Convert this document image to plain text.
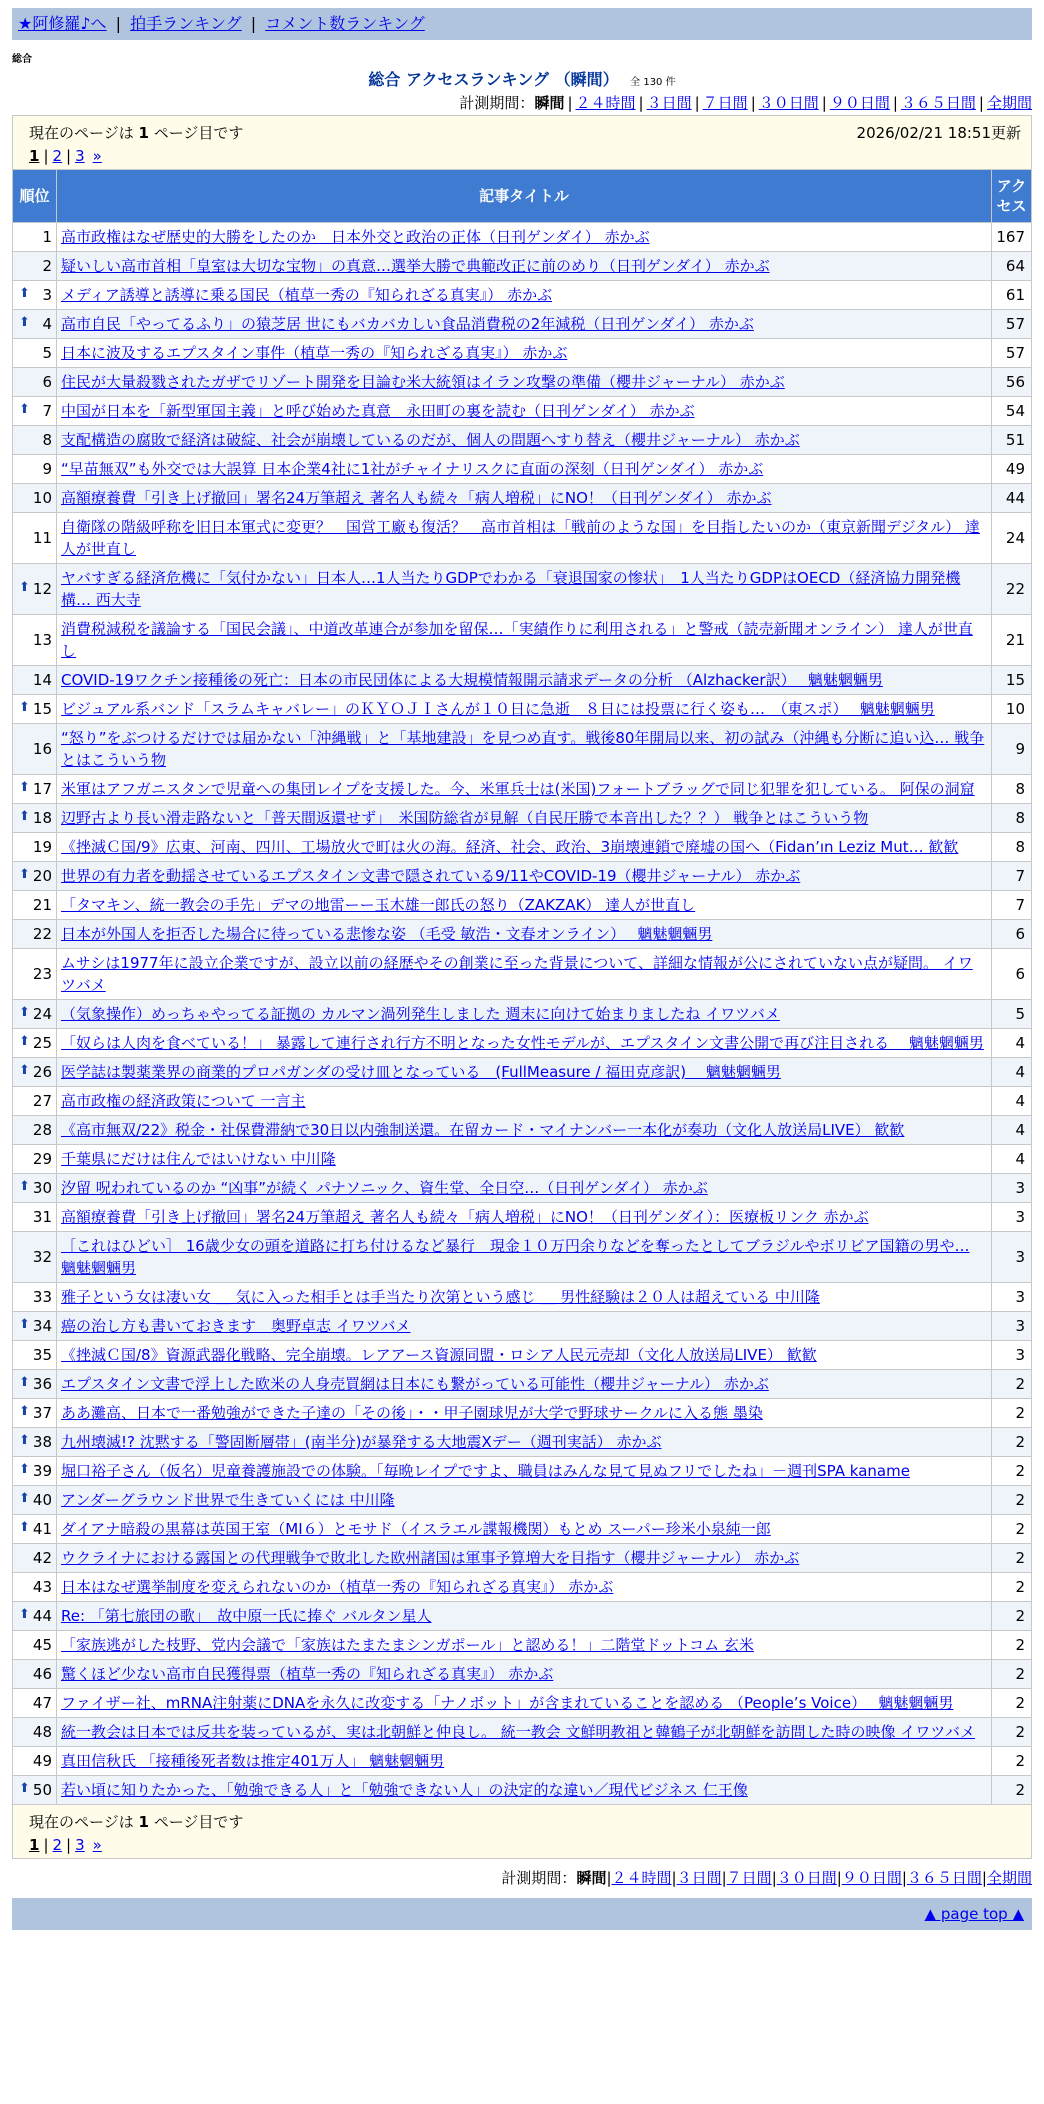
★阿修羅♪へ | 拍手ランキング | コメント数ランキング
総合
総合 アクセスランキング （瞬間） 全 130 件
計測期間：瞬間 | ２４時間 | ３日間 | ７日間 | ３０日間 | ９０日間 | ３６５日間 | 全期間
現在のページは 1 ページ目です 2026/02/21 18:51更新
1 | 2 | 3 »		

順位	記事タイトル	アクセス
1	高市政権はなぜ歴史的大勝をしたのか　日本外交と政治の正体（日刊ゲンダイ） 赤かぶ	167
2	疑いしい高市首相「皇室は大切な宝物」の真意…選挙大勝で典範改正に前のめり（日刊ゲンダイ） 赤かぶ	64

⬆ 3	メディア誘導と誘導に乗る国民（植草一秀の『知られざる真実』） 赤かぶ	61

⬆ 4	高市自民「やってるふり」の猿芝居 世にもバカバカしい食品消費税の2年減税（日刊ゲンダイ） 赤かぶ	57
5	日本に波及するエプスタイン事件（植草一秀の『知られざる真実』） 赤かぶ	57
6	住民が大量殺戮されたガザでリゾート開発を目論む米大統領はイラン攻撃の準備（櫻井ジャーナル） 赤かぶ	56

⬆ 7	中国が日本を「新型軍国主義」と呼び始めた真意　永田町の裏を読む（日刊ゲンダイ） 赤かぶ	54
8	支配構造の腐敗で経済は破綻、社会が崩壊しているのだが、個人の問題へすり替え（櫻井ジャーナル） 赤かぶ	51
9	“早苗無双”も外交では大誤算 日本企業4社に1社がチャイナリスクに直面の深刻（日刊ゲンダイ） 赤かぶ	49
10	高額療養費「引き上げ撤回」署名24万筆超え 著名人も続々「病人増税」にNO！（日刊ゲンダイ） 赤かぶ	44
11	自衛隊の階級呼称を旧日本軍式に変更？　国営工廠も復活？　高市首相は「戦前のような国」を目指したいのか（東京新聞デジタル） 達人が世直し	24

⬆ 12	ヤバすぎる経済危機に「気付かない」日本人…1人当たりGDPでわかる「衰退国家の惨状」　1人当たりGDPはOECD（経済協力開発機構… 西大寺	22
13	消費税減税を議論する「国民会議」、中道改革連合が参加を留保…「実績作りに利用される」と警戒（読売新聞オンライン） 達人が世直し	21
14	COVID-19ワクチン接種後の死亡：日本の市民団体による大規模情報開示請求データの分析 （Alzhacker訳）　 魑魅魍魎男	15

⬆ 15	ビジュアル系バンド「スラムキャバレー」のＫＹＯＪＩさんが１０日に急逝　８日には投票に行く姿も…　（東スポ）　 魑魅魍魎男	10
16	“怒り”をぶつけるだけでは届かない「沖縄戦」と「基地建設」を見つめ直す。戦後80年開局以来、初の試み（沖縄も分断に追い込… 戦争とはこういう物	9

⬆ 17	米軍はアフガニスタンで児童への集団レイプを支援した。今、米軍兵士は(米国)フォートブラッグで同じ犯罪を犯している。 阿保の洞窟	8

⬆ 18	辺野古より長い滑走路ないと「普天間返還せず」　米国防総省が見解（自民圧勝で本音出した？？） 戦争とはこういう物	8
19	《挫滅Ｃ国/9》広東、河南、四川、工場放火で町は火の海。経済、社会、政治、3崩壊連鎖で廃墟の国へ（Fidan’ın Leziz Mut… 歓歓	8

⬆ 20	世界の有力者を動揺させているエプスタイン文書で隠されている9/11やCOVID-19（櫻井ジャーナル） 赤かぶ	7
21	「タマキン、統一教会の手先」デマの地雷ーー玉木雄一郎氏の怒り（ZAKZAK） 達人が世直し	7
22	日本が外国人を拒否した場合に待っている悲惨な姿 （毛受 敏浩・文春オンライン）　 魑魅魍魎男	6
23	ムサシは1977年に設立企業ですが、設立以前の経歴やその創業に至った背景について、詳細な情報が公にされていない点が疑問。 イワツバメ	6

⬆ 24	（気象操作）めっちゃやってる証拠の カルマン渦列発生しました 週末に向けて始まりましたね イワツバメ	5

⬆ 25	「奴らは人肉を食べている！」 暴露して連行され行方不明となった女性モデルが、エプスタイン文書公開で再び注目される　 魑魅魍魎男	4

⬆ 26	医学誌は製薬業界の商業的プロパガンダの受け皿となっている　(FullMeasure / 福田克彦訳)　 魑魅魍魎男	4
27	高市政権の経済政策について 一言主	4
28	《高市無双/22》税金・社保費滞納で30日以内強制送還。在留カード・マイナンバー一本化が奏功（文化人放送局LIVE） 歓歓	4
29	千葉県にだけは住んではいけない 中川隆	4

⬆ 30	汐留 呪われているのか “凶事”が続く パナソニック、資生堂、全日空…（日刊ゲンダイ） 赤かぶ	3
31	高額療養費「引き上げ撤回」署名24万筆超え 著名人も続々「病人増税」にNO！（日刊ゲンダイ）：医療板リンク 赤かぶ	3
32	［これはひどい］ 16歳少女の頭を道路に打ち付けるなど暴行　現金１０万円余りなどを奪ったとしてブラジルやボリビア国籍の男や… 魑魅魍魎男	3
33	雅子という女は凄い女 ＿ 気に入った相手とは手当たり次第という感じ ＿ 男性経験は２０人は超えている 中川隆	3

⬆ 34	癌の治し方も書いておきます　奥野卓志 イワツバメ	3
35	《挫滅Ｃ国/8》資源武器化戦略、完全崩壊。レアアース資源同盟・ロシア人民元売却（文化人放送局LIVE） 歓歓	3

⬆ 36	エプスタイン文書で浮上した欧米の人身売買網は日本にも繋がっている可能性（櫻井ジャーナル） 赤かぶ	2

⬆ 37	ああ灘高、日本で一番勉強ができた子達の「その後」・・甲子園球児が大学で野球サークルに入る態 墨染	2

⬆ 38	九州壊滅!? 沈黙する「警固断層帯」(南半分)が暴発する大地震Xデー（週刊実話） 赤かぶ	2

⬆ 39	堀口裕子さん（仮名）児童養護施設での体験。「毎晩レイプですよ、職員はみんな見て見ぬフリでしたね」－週刊SPA kaname	2

⬆ 40	アンダーグラウンド世界で生きていくには 中川隆	2

⬆ 41	ダイアナ暗殺の黒幕は英国王室（MI６）とモサド（イスラエル諜報機関）もとめ スーパー珍米小泉純一郎	2
42	ウクライナにおける露国との代理戦争で敗北した欧州諸国は軍事予算増大を目指す（櫻井ジャーナル） 赤かぶ	2
43	日本はなぜ選挙制度を変えられないのか（植草一秀の『知られざる真実』） 赤かぶ	2

⬆ 44	Re: 「第七旅団の歌」　故中原一氏に捧ぐ バルタン星人	2
45	「家族逃がした枝野、党内会議で「家族はたまたまシンガポール」と認める！」二階堂ドットコム 玄米	2
46	驚くほど少ない高市自民獲得票（植草一秀の『知られざる真実』） 赤かぶ	2
47	ファイザー社、mRNA注射薬にDNAを永久に改変する「ナノボット」が含まれていることを認める （People’s Voice）　 魑魅魍魎男	2
48	統一教会は日本では反共を装っているが、実は北朝鮮と仲良し。 統一教会 文鮮明教祖と韓鶴子が北朝鮮を訪問した時の映像 イワツバメ	2
49	真田信秋氏 「接種後死者数は推定401万人」 魑魅魍魎男	2

⬆ 50	若い頃に知りたかった、「勉強できる人」と「勉強できない人」の決定的な違い／現代ビジネス 仁王像	2

現在のページは 1 ページ目です
1 | 2 | 3 »		
計測期間：瞬間|２４時間|３日間|７日間|３０日間|９０日間|３６５日間|全期間
▲ page top ▲
